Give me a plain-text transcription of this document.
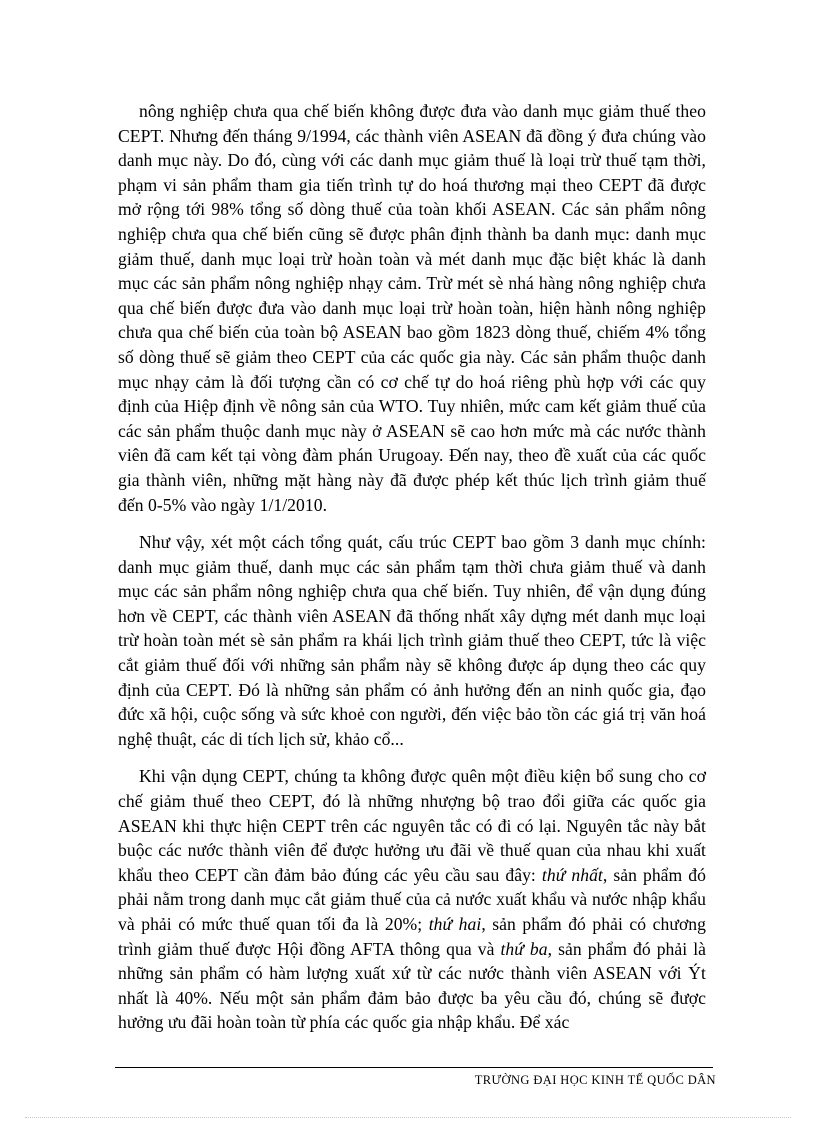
nông nghiệp chưa qua chế biến không được đưa vào danh mục giảm thuế theo CEPT. Nhưng đến tháng 9/1994, các thành viên ASEAN đã đồng ý đưa chúng vào danh mục này. Do đó, cùng với các danh mục giảm thuế là loại trừ thuế tạm thời, phạm vi sản phẩm tham gia tiến trình tự do hoá thương mại theo CEPT đã được mở rộng tới 98% tổng số dòng thuế của toàn khối ASEAN. Các sản phẩm nông nghiệp chưa qua chế biến cũng sẽ được phân định thành ba danh mục: danh mục giảm thuế, danh mục loại trừ hoàn toàn và mét danh mục đặc biệt khác là danh mục các sản phẩm nông nghiệp nhạy cảm. Trừ mét sè nhá hàng nông nghiệp chưa qua chế biến được đưa vào danh mục loại trừ hoàn toàn, hiện hành nông nghiệp chưa qua chế biến của toàn bộ ASEAN bao gồm 1823 dòng thuế, chiếm 4% tổng số dòng thuế sẽ giảm theo CEPT của các quốc gia này. Các sản phẩm thuộc danh mục nhạy cảm là đối tượng cần có cơ chế tự do hoá riêng phù hợp với các quy định của Hiệp định về nông sản của WTO. Tuy nhiên, mức cam kết giảm thuế của các sản phẩm thuộc danh mục này ở ASEAN sẽ cao hơn mức mà các nước thành viên đã cam kết tại vòng đàm phán Urugoay. Đến nay, theo đề xuất của các quốc gia thành viên, những mặt hàng này đã được phép kết thúc lịch trình giảm thuế đến 0-5% vào ngày 1/1/2010.

Như vậy, xét một cách tổng quát, cấu trúc CEPT bao gồm 3 danh mục chính: danh mục giảm thuế, danh mục các sản phẩm tạm thời chưa giảm thuế và danh mục các sản phẩm nông nghiệp chưa qua chế biến. Tuy nhiên, để vận dụng đúng hơn về CEPT, các thành viên ASEAN đã thống nhất xây dựng mét danh mục loại trừ hoàn toàn mét sè sản phẩm ra khái lịch trình giảm thuế theo CEPT, tức là việc cắt giảm thuế đối với những sản phẩm này sẽ không được áp dụng theo các quy định của CEPT. Đó là những sản phẩm có ảnh hưởng đến an ninh quốc gia, đạo đức xã hội, cuộc sống và sức khoẻ con người, đến việc bảo tồn các giá trị văn hoá nghệ thuật, các di tích lịch sử, khảo cổ...

Khi vận dụng CEPT, chúng ta không được quên một điều kiện bổ sung cho cơ chế giảm thuế theo CEPT, đó là những nhượng bộ trao đổi giữa các quốc gia ASEAN khi thực hiện CEPT trên các nguyên tắc có đi có lại. Nguyên tắc này bắt buộc các nước thành viên để được hưởng ưu đãi về thuế quan của nhau khi xuất khẩu theo CEPT cần đảm bảo đúng các yêu cầu sau đây: thứ nhất, sản phẩm đó phải nằm trong danh mục cắt giảm thuế của cả nước xuất khẩu và nước nhập khẩu và phải có mức thuế quan tối đa là 20%; thứ hai, sản phẩm đó phải có chương trình giảm thuế được Hội đồng AFTA thông qua và thứ ba, sản phẩm đó phải là những sản phẩm có hàm lượng xuất xứ từ các nước thành viên ASEAN với Ýt nhất là 40%. Nếu một sản phẩm đảm bảo được ba yêu cầu đó, chúng sẽ được hưởng ưu đãi hoàn toàn từ phía các quốc gia nhập khẩu. Để xác

TRƯỜNG ĐẠI HỌC KINH TẾ QUỐC DÂN
